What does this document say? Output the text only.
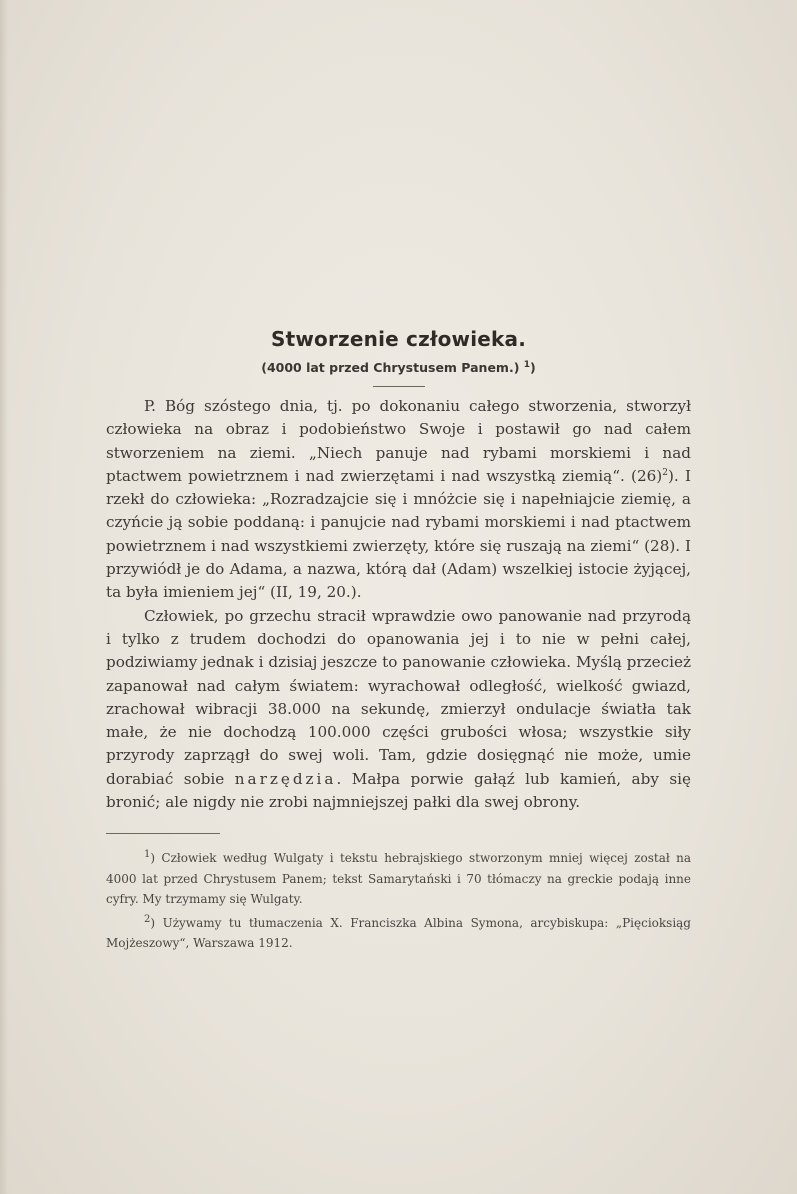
Stworzenie człowieka.
(4000 lat przed Chrystusem Panem.) $^1$)

P. Bóg szóstego dnia, tj. po dokonaniu całego stworzenia, stworzył człowieka na obraz i podobieństwo Swoje i postawił go nad całem stworzeniem na ziemi. „Niech panuje nad rybami morskiemi i nad ptactwem powietrznem i nad zwierzętami i nad wszystką ziemią“. $(26)^2$). I rzekł do człowieka: „Rozradzajcie się i mnóżcie się i napełniajcie ziemię, a czyńcie ją sobie poddaną: i panujcie nad rybami morskiemi i nad ptactwem powietrznem i nad wszystkiemi zwierzęty, które się ruszają na ziemi“ (28). I przywiódł je do Adama, a nazwa, którą dał (Adam) wszelkiej istocie żyjącej, ta była imieniem jej“ (II, 19, 20.).

Człowiek, po grzechu stracił wprawdzie owo panowanie nad przyrodą i tylko z trudem dochodzi do opanowania jej i to nie w pełni całej, podziwiamy jednak i dzisiaj jeszcze to panowanie człowieka. Myślą przecież zapanował nad całym światem: wyrachował odległość, wielkość gwiazd, zrachował wibracji 38.000 na sekundę, zmierzył ondulacje światła tak małe, że nie dochodzą 100.000 części grubości włosa; wszystkie siły przyrody zaprzągł do swej woli. Tam, gdzie dosięgnąć nie może, umie dorabiać sobie narzędzia. Małpa porwie gałąź lub kamień, aby się bronić; ale nigdy nie zrobi najmniejszej pałki dla swej obrony.

$^1$) Człowiek według Wulgaty i tekstu hebrajskiego stworzonym mniej więcej został na 4000 lat przed Chrystusem Panem; tekst Samarytański i 70 tłómaczy na greckie podają inne cyfry. My trzymamy się Wulgaty.

$^2$) Używamy tu tłumaczenia X. Franciszka Albina Symona, arcybiskupa: „Pięcioksiąg Mojżeszowy“, Warszawa 1912.
